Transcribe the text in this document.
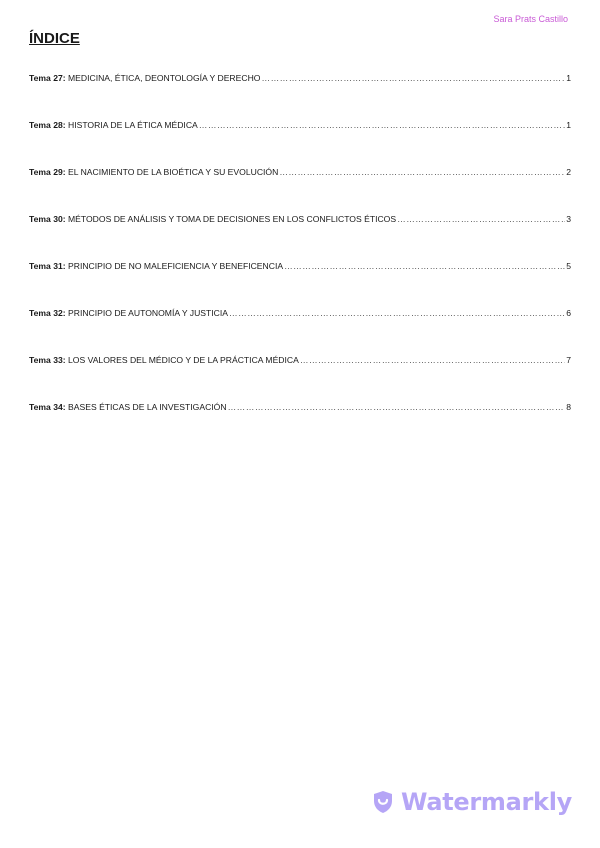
Sara Prats Castillo
ÍNDICE
Tema 27: MEDICINA, ÉTICA, DEONTOLOGÍA Y DERECHO …………………………………………………………………………………………………………………………………………………………………………	1
Tema 28: HISTORIA DE LA ÉTICA MÉDICA …………………………………………………………………………………………………………………………………………………………………………	1
Tema 29: EL NACIMIENTO DE LA BIOÉTICA Y SU EVOLUCIÓN …………………………………………………………………………………………………………………………………………………………………………	2
Tema 30: MÉTODOS DE ANÁLISIS Y TOMA DE DECISIONES EN LOS CONFLICTOS ÉTICOS …………………………………………………………………………………………………………………………………………………………………………	3
Tema 31: PRINCIPIO DE NO MALEFICIENCIA Y BENEFICENCIA …………………………………………………………………………………………………………………………………………………………………………	5
Tema 32: PRINCIPIO DE AUTONOMÍA Y JUSTICIA …………………………………………………………………………………………………………………………………………………………………………	6
Tema 33: LOS VALORES DEL MÉDICO Y DE LA PRÁCTICA MÉDICA …………………………………………………………………………………………………………………………………………………………………………	7
Tema 34: BASES ÉTICAS DE LA INVESTIGACIÓN …………………………………………………………………………………………………………………………………………………………………………	8
Watermarkly
